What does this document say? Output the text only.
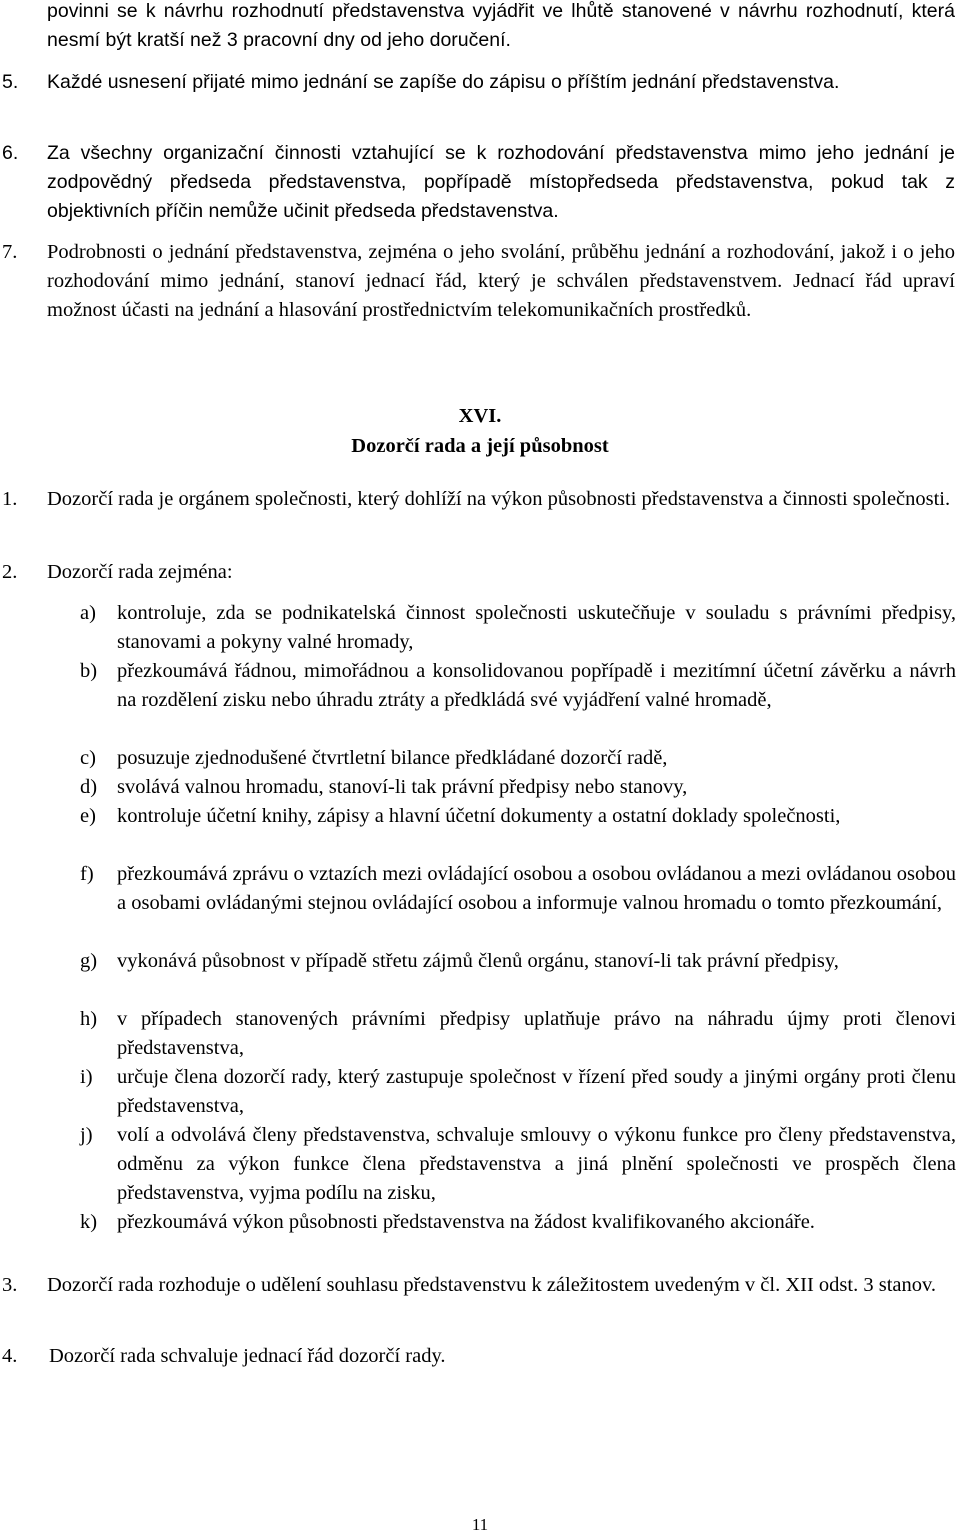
povinni se k návrhu rozhodnutí představenstva vyjádřit ve lhůtě stanovené v návrhu rozhodnutí, která nesmí být kratší než 3 pracovní dny od jeho doručení.

5. Každé usnesení přijaté mimo jednání se zapíše do zápisu o příštím jednání představenstva.

6. Za všechny organizační činnosti vztahující se k rozhodování představenstva mimo jeho jednání je zodpovědný předseda představenstva, popřípadě místopředseda představenstva, pokud tak z objektivních příčin nemůže učinit předseda představenstva.

7. Podrobnosti o jednání představenstva, zejména o jeho svolání, průběhu jednání a rozhodování, jakož i o jeho rozhodování mimo jednání, stanoví jednací řád, který je schválen představenstvem. Jednací řád upraví možnost účasti na jednání a hlasování prostřednictvím telekomunikačních prostředků.

XVI.
Dozorčí rada a její působnost
1. Dozorčí rada je orgánem společnosti, který dohlíží na výkon působnosti představenstva a činnosti společnosti.

2. Dozorčí rada zejména:

a) kontroluje, zda se podnikatelská činnost společnosti uskutečňuje v souladu s právními předpisy, stanovami a pokyny valné hromady,

b) přezkoumává řádnou, mimořádnou a konsolidovanou popřípadě i mezitímní účetní závěrku a návrh na rozdělení zisku nebo úhradu ztráty a předkládá své vyjádření valné hromadě,

c) posuzuje zjednodušené čtvrtletní bilance předkládané dozorčí radě,

d) svolává valnou hromadu, stanoví-li tak právní předpisy nebo stanovy,

e) kontroluje účetní knihy, zápisy a hlavní účetní dokumenty a ostatní doklady společnosti,

f) přezkoumává zprávu o vztazích mezi ovládající osobou a osobou ovládanou a mezi ovládanou osobou a osobami ovládanými stejnou ovládající osobou a informuje valnou hromadu o tomto přezkoumání,

g) vykonává působnost v případě střetu zájmů členů orgánu, stanoví-li tak právní předpisy,

h) v případech stanovených právními předpisy uplatňuje právo na náhradu újmy proti členovi představenstva,

i) určuje člena dozorčí rady, který zastupuje společnost v řízení před soudy a jinými orgány proti členu představenstva,

j) volí a odvolává členy představenstva, schvaluje smlouvy o výkonu funkce pro členy představenstva, odměnu za výkon funkce člena představenstva a jiná plnění společnosti ve prospěch člena představenstva, vyjma podílu na zisku,

k) přezkoumává výkon působnosti představenstva na žádost kvalifikovaného akcionáře.

3. Dozorčí rada rozhoduje o udělení souhlasu představenstvu k záležitostem uvedeným v čl. XII odst. 3 stanov.

4. Dozorčí rada schvaluje jednací řád dozorčí rady.

11
